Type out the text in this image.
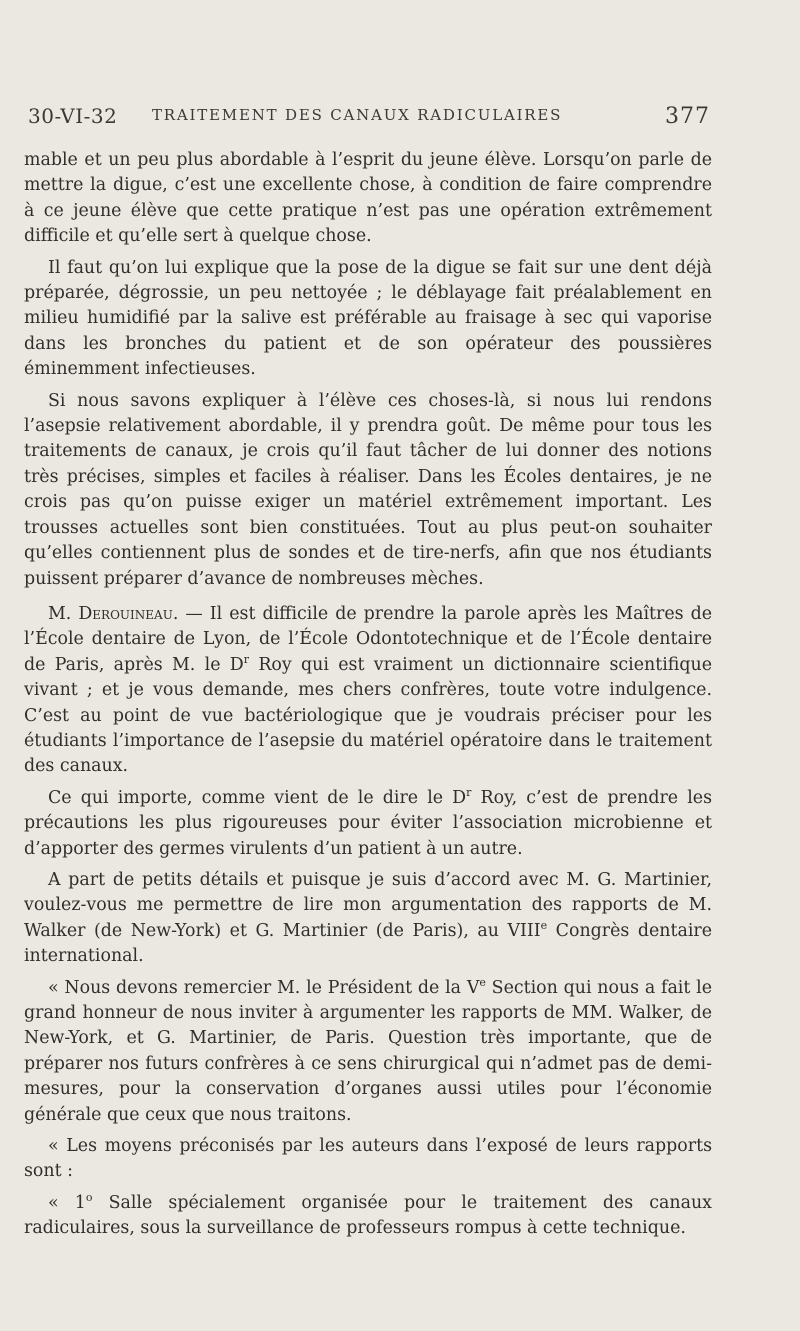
30-VI-32 TRAITEMENT DES CANAUX RADICULAIRES	377

mable et un peu plus abordable à l’esprit du jeune élève. Lorsqu’on parle de mettre la digue, c’est une excellente chose, à condition de faire comprendre à ce jeune élève que cette pratique n’est pas une opération extrêmement difficile et qu’elle sert à quelque chose.

Il faut qu’on lui explique que la pose de la digue se fait sur une dent déjà préparée, dégrossie, un peu nettoyée ; le déblayage fait préalablement en milieu humidifié par la salive est préférable au fraisage à sec qui vaporise dans les bronches du patient et de son opérateur des poussières éminemment infectieuses.

Si nous savons expliquer à l’élève ces choses-là, si nous lui rendons l’asepsie relativement abordable, il y prendra goût. De même pour tous les traitements de canaux, je crois qu’il faut tâcher de lui donner des notions très précises, simples et faciles à réaliser. Dans les Écoles dentaires, je ne crois pas qu’on puisse exiger un matériel extrêmement important. Les trousses actuelles sont bien constituées. Tout au plus peut-on souhaiter qu’elles contiennent plus de sondes et de tire-nerfs, afin que nos étudiants puissent préparer d’avance de nombreuses mèches.

M. Derouineau. — Il est difficile de prendre la parole après les Maîtres de l’École dentaire de Lyon, de l’École Odontotechnique et de l’École dentaire de Paris, après M. le $D^r$ Roy qui est vraiment un dictionnaire scientifique vivant ; et je vous demande, mes chers confrères, toute votre indulgence. C’est au point de vue bactériologique que je voudrais préciser pour les étudiants l’importance de l’asepsie du matériel opératoire dans le traitement des canaux.

Ce qui importe, comme vient de le dire le $D^r$ Roy, c’est de prendre les précautions les plus rigoureuses pour éviter l’association microbienne et d’apporter des germes virulents d’un patient à un autre.

A part de petits détails et puisque je suis d’accord avec M. G. Martinier, voulez-vous me permettre de lire mon argumentation des rapports de M. Walker (de New-York) et G. Martinier (de Paris), au VIIIe Congrès dentaire international.

« Nous devons remercier M. le Président de la Ve Section qui nous a fait le grand honneur de nous inviter à argumenter les rapports de MM. Walker, de New-York, et G. Martinier, de Paris. Question très importante, que de préparer nos futurs confrères à ce sens chirurgical qui n’admet pas de demi-mesures, pour la conservation d’organes aussi utiles pour l’économie générale que ceux que nous traitons.

« Les moyens préconisés par les auteurs dans l’exposé de leurs rapports sont :

« 1$^o$ Salle spécialement organisée pour le traitement des canaux radiculaires, sous la surveillance de professeurs rompus à cette technique.
